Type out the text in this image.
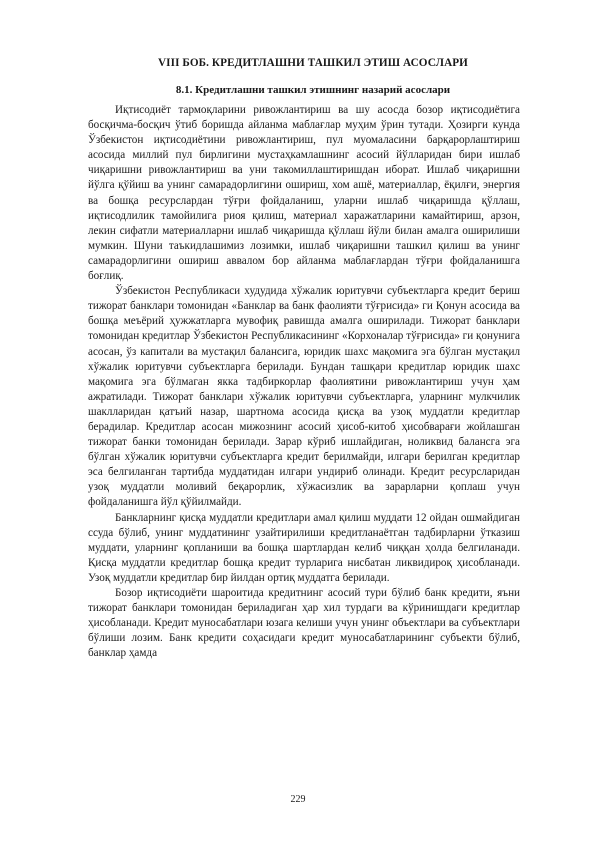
VIII БОБ. КРЕДИТЛАШНИ ТАШКИЛ ЭТИШ АСОСЛАРИ
8.1. Кредитлашни ташкил этишнинг назарий асослари

Иқтисодиёт тармоқларини ривожлантириш ва шу асосда бозор иқтисодиётига босқичма-босқич ўтиб боришда айланма маблағлар муҳим ўрин тутади. Ҳозирги кунда Ўзбекистон иқтисодиётини ривожлантириш, пул муомаласини барқарорлаштириш асосида миллий пул бирлигини мустаҳкамлашнинг асосий йўлларидан бири ишлаб чиқаришни ривожлантириш ва уни такомиллаштиришдан иборат. Ишлаб чиқаришни йўлга қўйиш ва унинг самарадорлигини ошириш, хом ашё, материаллар, ёқилғи, энергия ва бошқа ресурслардан тўғри фойдаланиш, уларни ишлаб чиқаришда қўллаш, иқтисодлилик тамойилига риоя қилиш, материал харажатларини камайтириш, арзон, лекин сифатли материалларни ишлаб чиқаришда қўллаш йўли билан амалга оширилиши мумкин. Шуни таъкидлашимиз лозимки, ишлаб чиқаришни ташкил қилиш ва унинг самарадорлигини ошириш аввалом бор айланма маблағлардан тўғри фойдаланишга боғлиқ.

Ўзбекистон Республикаси худудида хўжалик юритувчи субъектларга кредит бериш тижорат банклари томонидан «Банклар ва банк фаолияти тўғрисида» ги Қонун асосида ва бошқа меъёрий ҳужжатларга мувофиқ равишда амалга оширилади. Тижорат банклари томонидан кредитлар Ўзбекистон Республикасининг «Корхоналар тўғрисида» ги қонунига асосан, ўз капитали ва мустақил балансига, юридик шахс мақомига эга бўлган мустақил хўжалик юритувчи субъектларга берилади. Бундан ташқари кредитлар юридик шахс мақомига эга бўлмаган якка тадбиркорлар фаолиятини ривожлантириш учун ҳам ажратилади. Тижорат банклари хўжалик юритувчи субъектларга, уларнинг мулкчилик шаклларидан қатъий назар, шартнома асосида қисқа ва узоқ муддатли кредитлар берадилар. Кредитлар асосан мижознинг асосий ҳисоб-китоб ҳисобварағи жойлашган тижорат банки томонидан берилади. Зарар кўриб ишлайдиган, ноликвид балансга эга бўлган хўжалик юритувчи субъектларга кредит берилмайди, илгари берилган кредитлар эса белгиланган тартибда муддатидан илгари ундириб олинади. Кредит ресурсларидан узоқ муддатли моливий беқарорлик, хўжасизлик ва зарарларни қоплаш учун фойдаланишга йўл қўйилмайди.

Банкларнинг қисқа муддатли кредитлари амал қилиш муддати 12 ойдан ошмайдиган ссуда бўлиб, унинг муддатининг узайтирилиши кредитланаётган тадбирларни ўтказиш муддати, уларнинг қопланиши ва бошқа шартлардан келиб чиққан ҳолда белгиланади. Қисқа муддатли кредитлар бошқа кредит турларига нисбатан ликвидироқ ҳисобланади. Узоқ муддатли кредитлар бир йилдан ортиқ муддатга берилади.

Бозор иқтисодиёти шароитида кредитнинг асосий тури бўлиб банк кредити, яъни тижорат банклари томонидан бериладиган ҳар хил турдаги ва кўринишдаги кредитлар ҳисобланади. Кредит муносабатлари юзага келиши учун унинг объектлари ва субъектлари бўлиши лозим. Банк кредити соҳасидаги кредит муносабатларининг субъекти бўлиб, банклар ҳамда

229
